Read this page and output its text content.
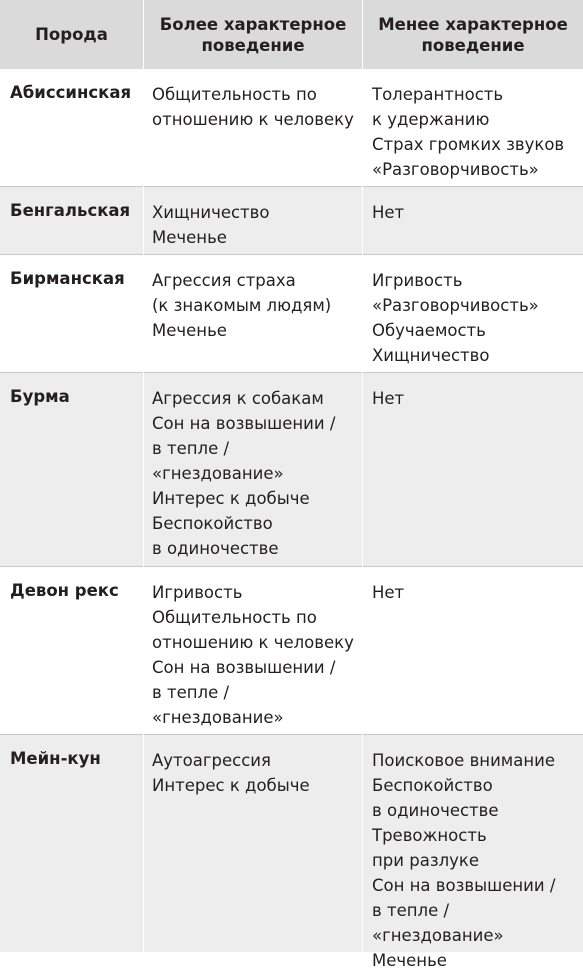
Порода
Более характерное
поведение
Менее характерное
поведение
Абиссинская Общительность по
отношению к человеку
Толерантность
к удержанию
Страх громких звуков
«Разговорчивость»
Бенгальская Хищничество
Меченье
Нет
Бирманская Агрессия страха
(к знакомым людям)
Меченье
Игривость
«Разговорчивость»
Обучаемость
Хищничество
Бурма	Агрессия к собакам
Сон на возвышении /
в тепле /
«гнездование»
Интерес к добыче
Беспокойство
в одиночестве
Нет
Девон рекс Игривость
Общительность по
отношению к человеку
Сон на возвышении /
в тепле /
«гнездование»
Нет
Мейн-кун	Аутоагрессия
Интерес к добыче
Поисковое внимание
Беспокойство
в одиночестве
Тревожность
при разлуке
Сон на возвышении /
в тепле / «гнездование»
Меченье
